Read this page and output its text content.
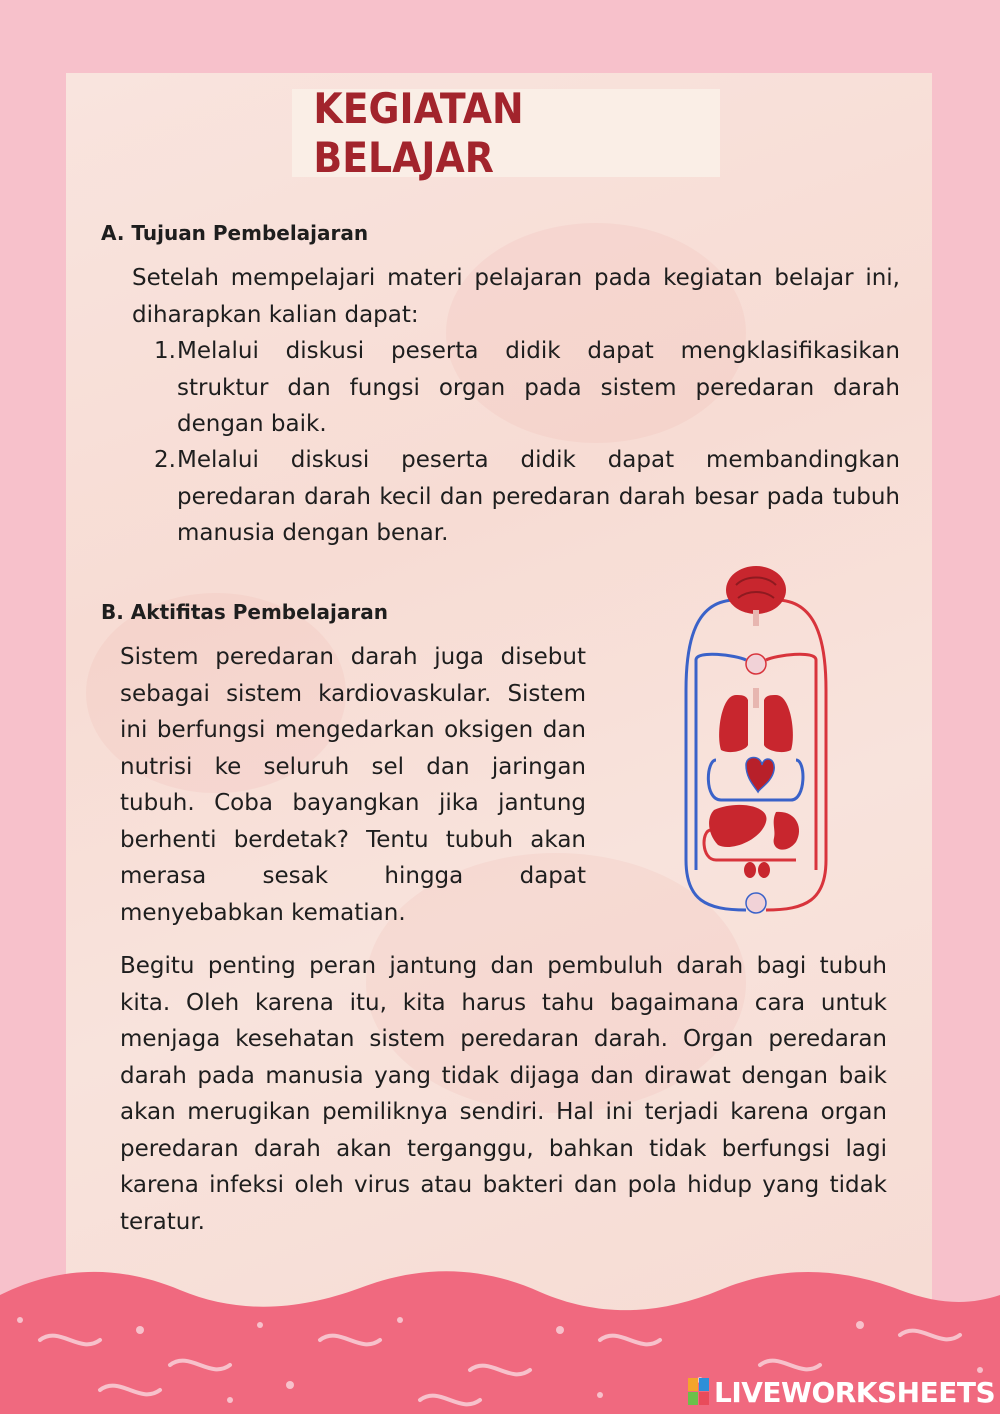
KEGIATAN BELAJAR
A. Tujuan Pembelajaran
Setelah mempelajari materi pelajaran pada kegiatan belajar ini, diharapkan kalian dapat:
1. Melalui diskusi peserta didik dapat mengklasifikasikan struktur dan fungsi organ pada sistem peredaran darah dengan baik.
2. Melalui diskusi peserta didik dapat membandingkan peredaran darah kecil dan peredaran darah besar pada tubuh manusia dengan benar.
B. Aktifitas Pembelajaran
Sistem peredaran darah juga disebut sebagai sistem kardiovaskular. Sistem ini berfungsi mengedarkan oksigen dan nutrisi ke seluruh sel dan jaringan tubuh. Coba bayangkan jika jantung berhenti berdetak? Tentu tubuh akan merasa sesak hingga dapat menyebabkan kematian.
Begitu penting peran jantung dan pembuluh darah bagi tubuh kita. Oleh karena itu, kita harus tahu bagaimana cara untuk menjaga kesehatan sistem peredaran darah. Organ peredaran darah pada manusia yang tidak dijaga dan dirawat dengan baik akan merugikan pemiliknya sendiri. Hal ini terjadi karena organ peredaran darah akan terganggu, bahkan tidak berfungsi lagi karena infeksi oleh virus atau bakteri dan pola hidup yang tidak teratur.
LIVEWORKSHEETS
